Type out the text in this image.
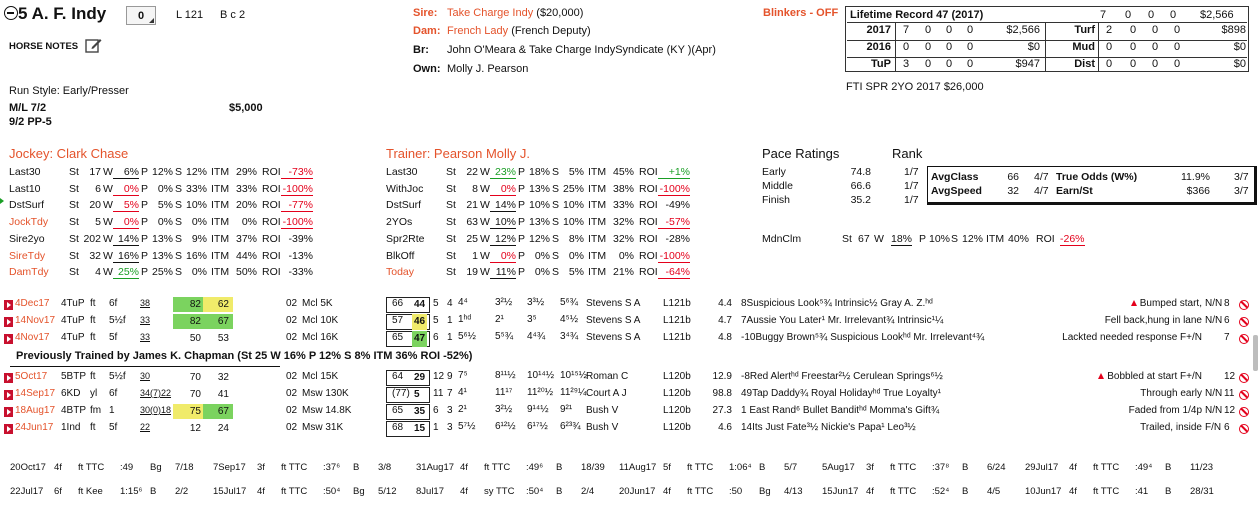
5 A. F. Indy	0	L 121 B c 2
HORSE NOTES
Run Style: Early/Presser
M/L 7/2	$5,000
9/2 PP-5
Sire: Take Charge Indy ($20,000)
Dam: French Lady (French Deputy)
Br: John O'Meara & Take Charge IndySyndicate (KY )(Apr)
Own: Molly J. Pearson
Blinkers - OFF Lifetime Record 47 (2017)	7 0 0 0 $2,566
2017 7 0 0 0	$2,566	Turf 2 0 0 0	$898
2016 0 0 0 0	$0	Mud 0 0 0 0	$0
TuP 3 0 0 0	$947	Dist 0 0 0 0	$0
FTI SPR 2YO 2017 $26,000
Jockey: Clark Chase
Last30	St 17 W	6% P 12% S 12% ITM 29% ROI -73%
Last10	St	6 W	0% P 0% S 33% ITM 33% ROI -100%
DstSurf St 20 W	5% P 5% S 10% ITM 20% ROI -77%
JockTdy St	5 W	0% P 0% S 0% ITM	0% ROI -100%
Sire2yo St 202 W 14% P 13% S 9% ITM 37% ROI -39%
SireTdy St 32 W 16% P 13% S 16% ITM 44% ROI -13%
DamTdy St	4 W 25% P 25% S 0% ITM 50% ROI -33%
Trainer: Pearson Molly J.
Last30	St 22 W 23% P 18% S 5% ITM 45% ROI	+1%
WithJoc St	8 W	0% P 13% S 25% ITM 38% ROI -100%
DstSurf St 21 W 14% P 10% S 10% ITM 33% ROI -49%
2YOs	St 63 W 10% P 13% S 10% ITM 32% ROI -57%
Spr2Rte St 25 W 12% P 12% S 8% ITM 32% ROI -28%
BlkOff	St	1 W	0% P 0% S 0% ITM	0% ROI -100%
Today	St 19 W 11% P 0% S 5% ITM 21% ROI -64%
Pace Ratings	Rank
Early	74.8	1/7
Middle	66.6	1/7
Finish	35.2	1/7
AvgClass	66 4/7 True Odds (W%)	11.9% 3/7
AvgSpeed 32 4/7 Earn/St	$366 3/7
MdnClm	St 67 W 18% P 10% S 12% ITM 40% ROI -26%
4Dec17 4TuP ft 6f	38	82	62	02 Mcl 5K	66 44 5 4 4⁴	3²½ 3³½ 5⁶¾ Stevens S A L121b	4.4 8Suspicious Look⁵¾ Intrinsic½ Gray A. Z.ʰᵈ	Bumped start, N/N 8
14Nov17 4TuP ft 5½f 33	82	67	02 Mcl 10K	57 46 5 1 1ʰᵈ 2¹ 3⁵ 4⁵½ Stevens S A L121b	4.7 7Aussie You Later¹ Mr. Irrelevant¾ Intrinsic¹¼	Fell back,hung in lane N/N 6
4Nov17 4TuP ft 5f	33	50	53	02 Mcl 16K	65 47 6 1 5⁶½ 5⁵¾ 4⁴¾ 3⁴¾ Stevens S A L121b	4.8 -10Buggy Brown⁵¾ Suspicious Lookʰᵈ Mr. Irrelevant⁴¾	Lackted needed response F+/N 7
5Oct17 5BTP ft 5½f 30	70	32	02 Mcl 15K	64 29 12 9 7⁵	8¹¹½ 10¹⁴½ 10¹⁵½ Roman C	L120b 12.9 -8Red Alertʰᵈ Freestar²½ Cerulean Springs⁶½	Bobbled at start F+/N 12
14Sep17 6KD yl 6f	34(7)22	70	41	02 Msw 130K	(77) 5 11 7 4¹	11¹⁷ 11²⁰½ 11²⁹¼ Court A J	L120b 98.8 49Tap Daddy¾ Royal Holidayʰᵈ True Loyalty¹	Through early N/N 11
18Aug17 4BTP fm 1	30(0)18	75	67	02 Msw 14.8K	65 35 6 3 2¹	3²½ 9¹⁴½ 9²¹ Bush V	L120b 27.3 1 East Rand⁶ Bullet Banditʰᵈ Momma's Gift¾	Faded from 1/4p N/N 12
24Jun17 1Ind ft 5f	22	12	24	02 Msw 31K	68 15 1 3 5⁷½ 6¹²½ 6¹⁷½ 6²³¾ Bush V	L120b	4.6 14Its Just Fate³½ Nickie's Papa¹ Leo³½	Trailed, inside F/N 6
Previously Trained by James K. Chapman (St 25 W 16% P 12% S 8% ITM 36% ROI -52%)
20Oct17 4f ft TTC :49 Bg 7/18 7Sep17 3f ft TTC :37⁶ B 3/8	31Aug17 4f ft TTC :49⁶ B 18/39 11Aug17 5f ft TTC 1:06⁴ B 5/7	5Aug17 3f ft TTC :37⁸ B 6/24 29Jul17 4f ft TTC :49⁴ B 11/23
22Jul17 6f ft Kee 1:15⁶ B 2/2	15Jul17 4f ft TTC :50⁴ Bg 5/12 8Jul17 4f sy TTC :50⁴ B 2/4	20Jun17 4f ft TTC :50 Bg 4/13 15Jun17 4f ft TTC :52⁴ B 4/5	10Jun17 4f ft TTC :41 B 28/31
